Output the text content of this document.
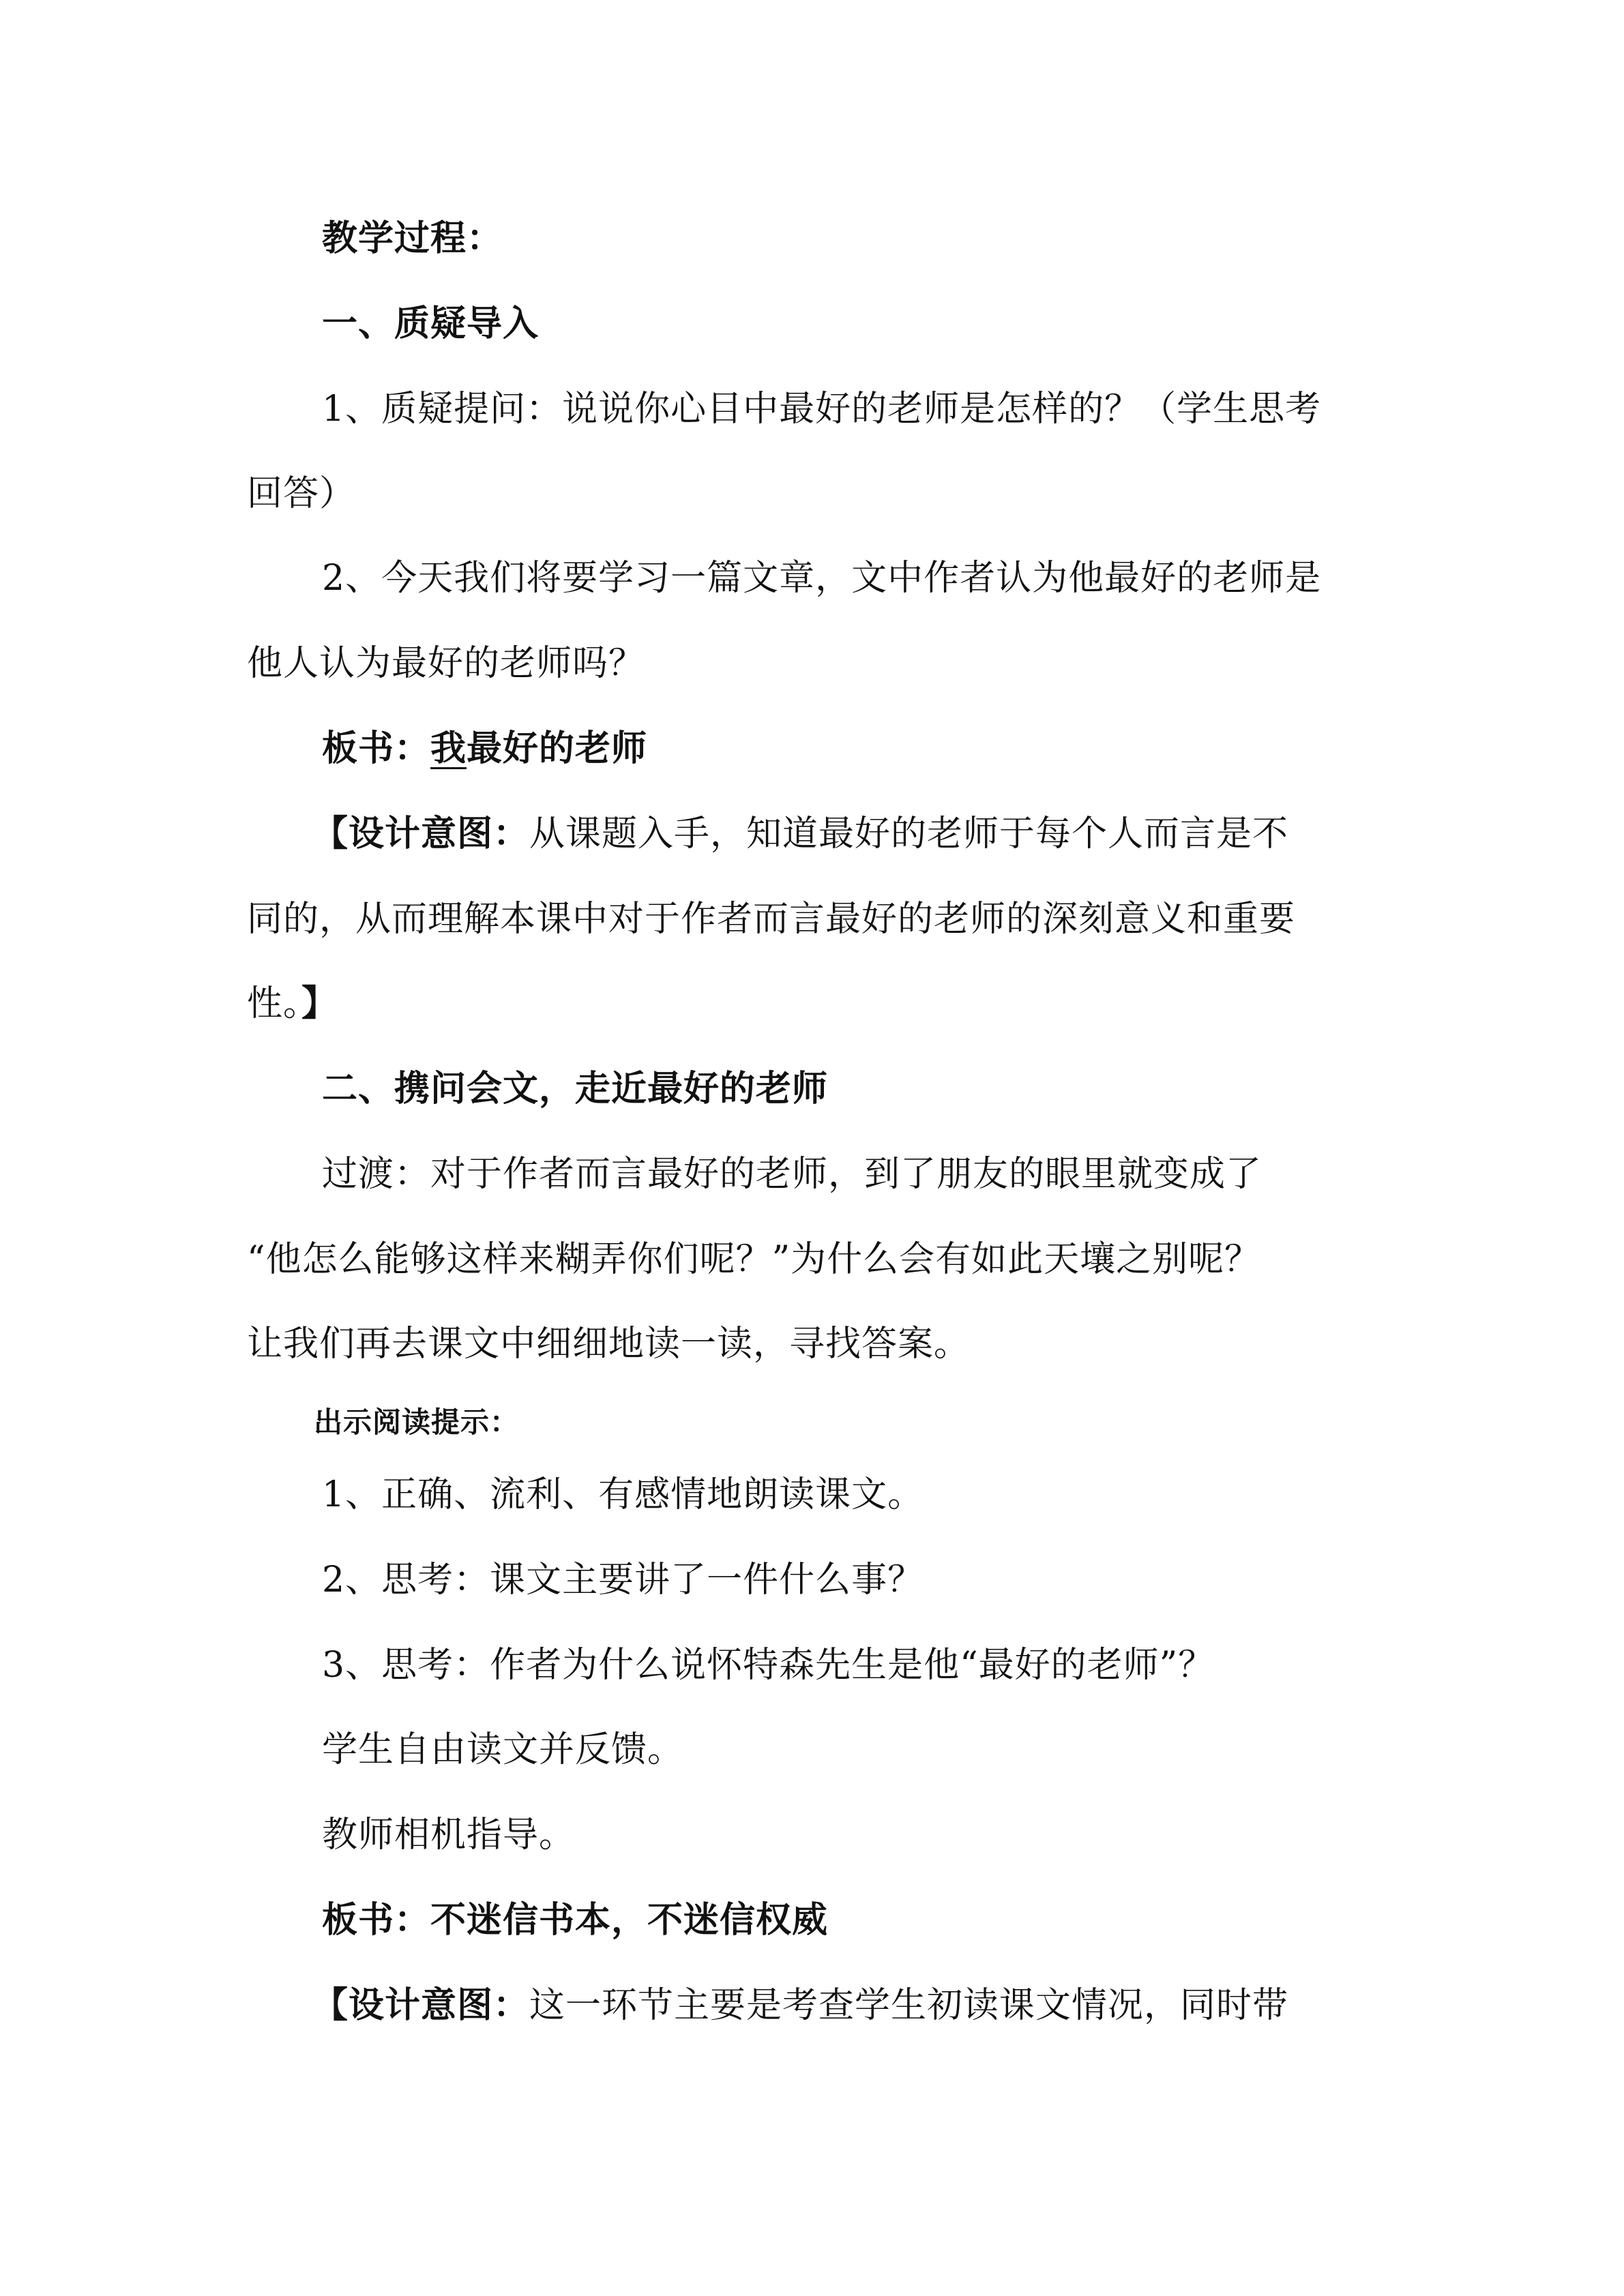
教学过程：
一、质疑导入
1、质疑提问：说说你心目中最好的老师是怎样的？（学生思考
回答）
2、今天我们将要学习一篇文章，文中作者认为他最好的老师是
他人认为最好的老师吗？
板书：我最好的老师
【设计意图：从课题入手，知道最好的老师于每个人而言是不
同的，从而理解本课中对于作者而言最好的老师的深刻意义和重要
性。】
二、携问会文，走近最好的老师
过渡：对于作者而言最好的老师，到了朋友的眼里就变成了
“他怎么能够这样来糊弄你们呢？”为什么会有如此天壤之别呢？
让我们再去课文中细细地读一读，寻找答案。
出示阅读提示：
1、正确、流利、有感情地朗读课文。
2、思考：课文主要讲了一件什么事？
3、思考：作者为什么说怀特森先生是他“最好的老师”？
学生自由读文并反馈。
教师相机指导。
板书：不迷信书本，不迷信权威
【设计意图：这一环节主要是考查学生初读课文情况，同时带
